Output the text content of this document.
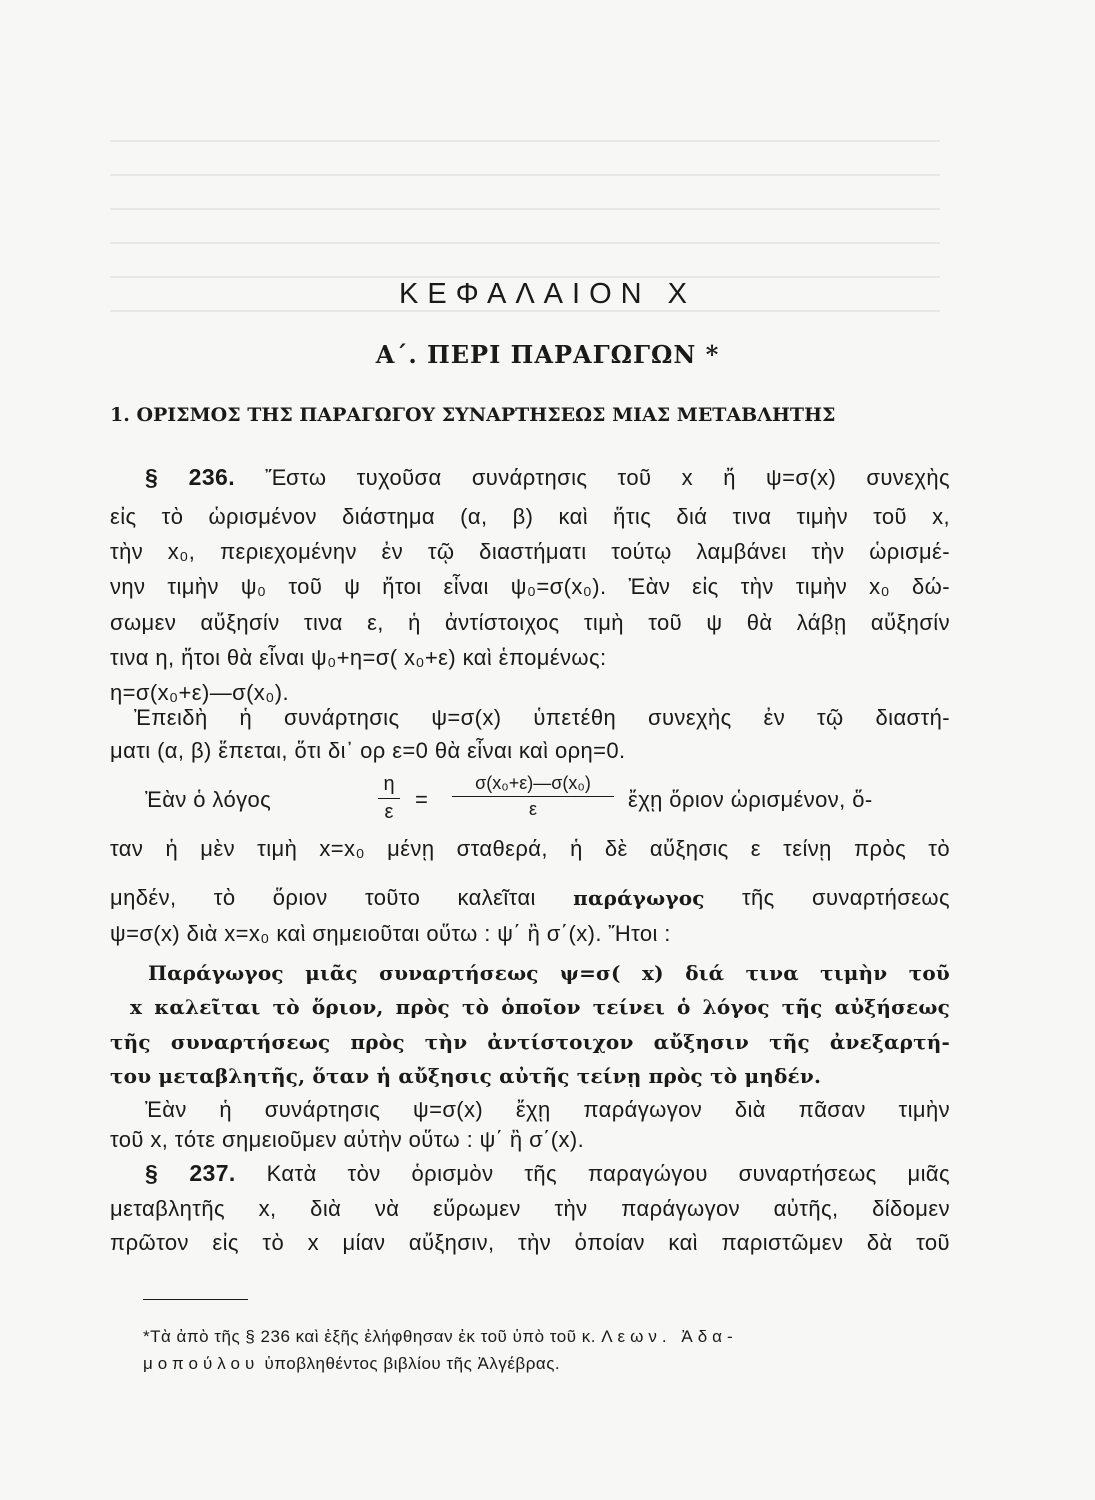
ΚΕΦΑΛΑΙΟΝ Χ
Α΄. ΠΕΡΙ ΠΑΡΑΓΩΓΩΝ *
1. ΟΡΙΣΜΟΣ ΤΗΣ ΠΑΡΑΓΩΓΟΥ ΣΥΝΑΡΤΗΣΕΩΣ ΜΙΑΣ ΜΕΤΑΒΛΗΤΗΣ
§ 236. Ἔστω τυχοῦσα συνάρτησις τοῦ x ἤ ψ=σ(x) συνεχὴς
εἰς τὸ ὡρισμένον διάστημα (α, β) καὶ ἥτις διά τινα τιμὴν τοῦ x,
τὴν x₀, περιεχομένην ἐν τῷ διαστήματι τούτῳ λαμβάνει τὴν ὡρισμέ-
νην τιμὴν ψ₀ τοῦ ψ ἤτοι εἶναι ψ₀=σ(x₀). Ἐὰν εἰς τὴν τιμὴν x₀ δώ-
σωμεν αὔξησίν τινα ε, ἡ ἀντίστοιχος τιμὴ τοῦ ψ θὰ λάβῃ αὔξησίν
τινα η, ἤτοι θὰ εἶναι ψ₀+η=σ( x₀+ε) καὶ ἑπομένως:
η=σ(x₀+ε)—σ(x₀).
Ἐπειδὴ ἡ συνάρτησις ψ=σ(x) ὑπετέθη συνεχὴς ἐν τῷ διαστή-
ματι (α, β) ἕπεται, ὅτι δι᾿ ορ ε=0 θὰ εἶναι καὶ ορη=0.
Ἐὰν ὁ λόγος
η
ε =
σ(x₀+ε)—σ(x₀)
ε	ἔχῃ ὅριον ὡρισμένον, ὅ-
ταν ἡ μὲν τιμὴ x=x₀ μένῃ σταθερά, ἡ δὲ αὔξησις ε τείνῃ πρὸς τὸ
μηδέν, τὸ ὅριον τοῦτο καλεῖται παράγωγος τῆς συναρτήσεως
ψ=σ(x) διὰ x=x₀ καὶ σημειοῦται οὕτω : ψ΄ ἢ σ΄(x). Ἤτοι :
Παράγωγος μιᾶς συναρτήσεως ψ=σ( x) διά τινα τιμὴν τοῦ
x καλεῖται τὸ ὅριον, πρὸς τὸ ὁποῖον τείνει ὁ λόγος τῆς αὐξήσεως
τῆς συναρτήσεως πρὸς τὴν ἀντίστοιχον αὔξησιν τῆς ἀνεξαρτή-
του μεταβλητῆς, ὅταν ἡ αὔξησις αὐτῆς τείνῃ πρὸς τὸ μηδέν.
Ἐὰν ἡ συνάρτησις ψ=σ(x) ἔχῃ παράγωγον διὰ πᾶσαν τιμὴν
τοῦ x, τότε σημειοῦμεν αὐτὴν οὕτω : ψ΄ ἢ σ΄(x).
§ 237. Κατὰ τὸν ὁρισμὸν τῆς παραγώγου συναρτήσεως μιᾶς
μεταβλητῆς x, διὰ νὰ εὕρωμεν τὴν παράγωγον αὐτῆς, δίδομεν
πρῶτον εἰς τὸ x μίαν αὔξησιν, τὴν ὁποίαν καὶ παριστῶμεν δὰ τοῦ
*Τὰ ἀπὸ τῆς § 236 καὶ ἑξῆς ἐλήφθησαν ἐκ τοῦ ὑπὸ τοῦ κ. Λεων. Ἀδα-
μοπούλου ὑποβληθέντος βιβλίου τῆς Ἀλγέβρας.
